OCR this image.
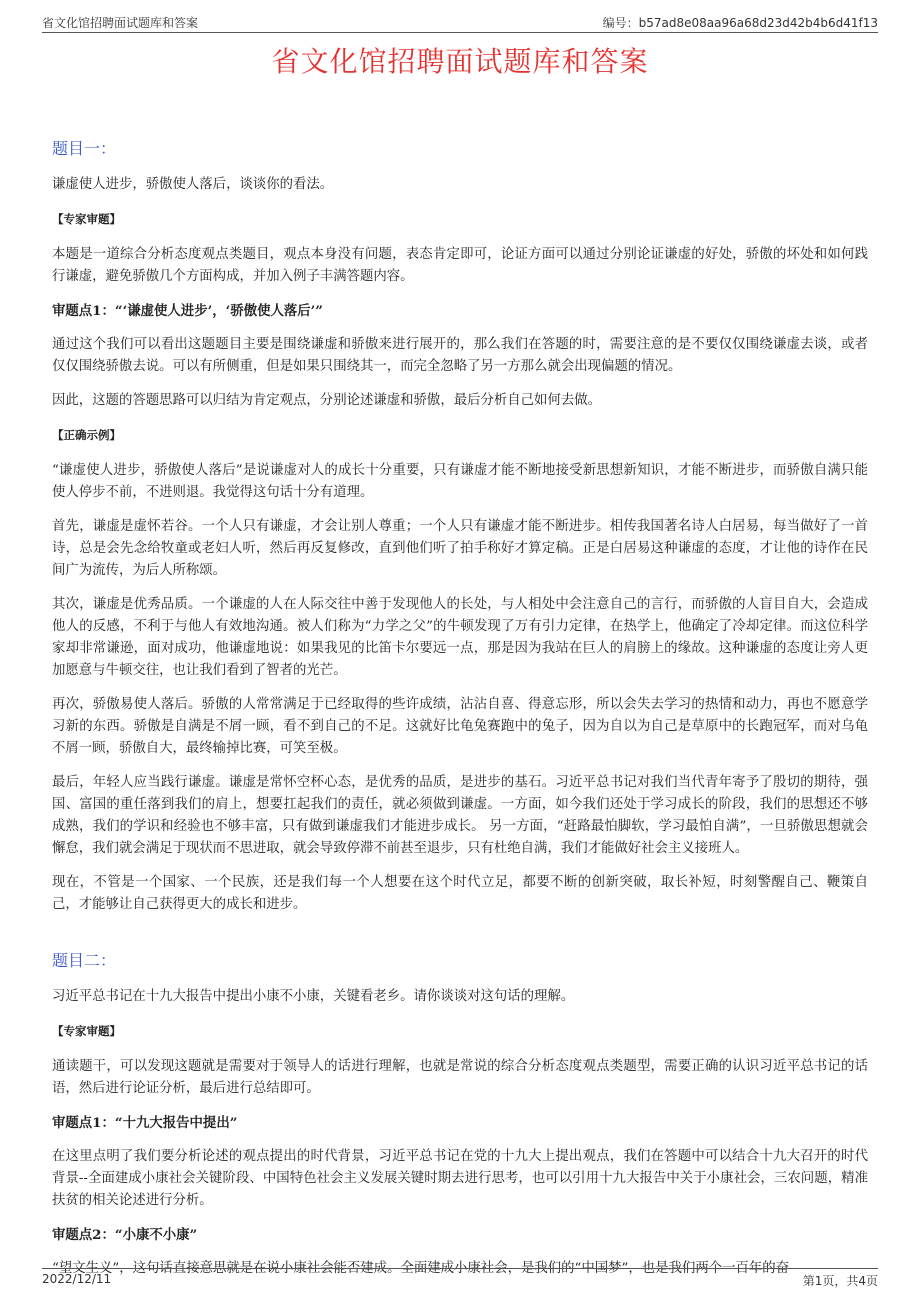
省文化馆招聘面试题库和答案	编号：b57ad8e08aa96a68d23d42b4b6d41f13
省文化馆招聘面试题库和答案
题目一：

谦虚使人进步，骄傲使人落后，谈谈你的看法。

【专家审题】

本题是一道综合分析态度观点类题目，观点本身没有问题，表态肯定即可，论证方面可以通过分别论证谦虚的好处，骄傲的坏处和如何践行谦虚，避免骄傲几个方面构成，并加入例子丰满答题内容。

审题点1：“‘谦虚使人进步’，‘骄傲使人落后’”

通过这个我们可以看出这题题目主要是围绕谦虚和骄傲来进行展开的，那么我们在答题的时，需要注意的是不要仅仅围绕谦虚去谈，或者仅仅围绕骄傲去说。可以有所侧重，但是如果只围绕其一，而完全忽略了另一方那么就会出现偏题的情况。

因此，这题的答题思路可以归结为肯定观点，分别论述谦虚和骄傲，最后分析自己如何去做。

【正确示例】

“谦虚使人进步，骄傲使人落后”是说谦虚对人的成长十分重要，只有谦虚才能不断地接受新思想新知识，才能不断进步，而骄傲自满只能使人停步不前，不进则退。我觉得这句话十分有道理。

首先，谦虚是虚怀若谷。一个人只有谦虚，才会让别人尊重；一个人只有谦虚才能不断进步。相传我国著名诗人白居易，每当做好了一首诗，总是会先念给牧童或老妇人听，然后再反复修改，直到他们听了拍手称好才算定稿。正是白居易这种谦虚的态度，才让他的诗作在民间广为流传，为后人所称颂。

其次，谦虚是优秀品质。一个谦虚的人在人际交往中善于发现他人的长处，与人相处中会注意自己的言行，而骄傲的人盲目自大，会造成他人的反感，不利于与他人有效地沟通。被人们称为“力学之父”的牛顿发现了万有引力定律，在热学上，他确定了冷却定律。而这位科学家却非常谦逊，面对成功，他谦虚地说：如果我见的比笛卡尔要远一点，那是因为我站在巨人的肩膀上的缘故。这种谦虚的态度让旁人更加愿意与牛顿交往，也让我们看到了智者的光芒。

再次，骄傲易使人落后。骄傲的人常常满足于已经取得的些许成绩，沾沾自喜、得意忘形，所以会失去学习的热情和动力，再也不愿意学习新的东西。骄傲是自满是不屑一顾，看不到自己的不足。这就好比龟兔赛跑中的兔子，因为自以为自己是草原中的长跑冠军，而对乌龟不屑一顾，骄傲自大，最终输掉比赛，可笑至极。

最后，年轻人应当践行谦虚。谦虚是常怀空杯心态，是优秀的品质，是进步的基石。习近平总书记对我们当代青年寄予了殷切的期待，强国、富国的重任落到我们的肩上，想要扛起我们的责任，就必须做到谦虚。一方面，如今我们还处于学习成长的阶段，我们的思想还不够成熟，我们的学识和经验也不够丰富，只有做到谦虚我们才能进步成长。 另一方面，“赶路最怕脚软，学习最怕自满”，一旦骄傲思想就会懈怠，我们就会满足于现状而不思进取，就会导致停滞不前甚至退步，只有杜绝自满，我们才能做好社会主义接班人。

现在，不管是一个国家、一个民族，还是我们每一个人想要在这个时代立足，都要不断的创新突破，取长补短，时刻警醒自己、鞭策自己，才能够让自己获得更大的成长和进步。

题目二：

习近平总书记在十九大报告中提出小康不小康，关键看老乡。请你谈谈对这句话的理解。

【专家审题】

通读题干，可以发现这题就是需要对于领导人的话进行理解，也就是常说的综合分析态度观点类题型，需要正确的认识习近平总书记的话语，然后进行论证分析，最后进行总结即可。

审题点1：“十九大报告中提出”

在这里点明了我们要分析论述的观点提出的时代背景，习近平总书记在党的十九大上提出观点，我们在答题中可以结合十九大召开的时代背景--全面建成小康社会关键阶段、中国特色社会主义发展关键时期去进行思考，也可以引用十九大报告中关于小康社会，三农问题，精准扶贫的相关论述进行分析。

审题点2：“小康不小康”

“望文生义”，这句话直接意思就是在说小康社会能否建成。全面建成小康社会，是我们的“中国梦”，也是我们两个一百年的奋

2022/12/11	第1页，共4页
